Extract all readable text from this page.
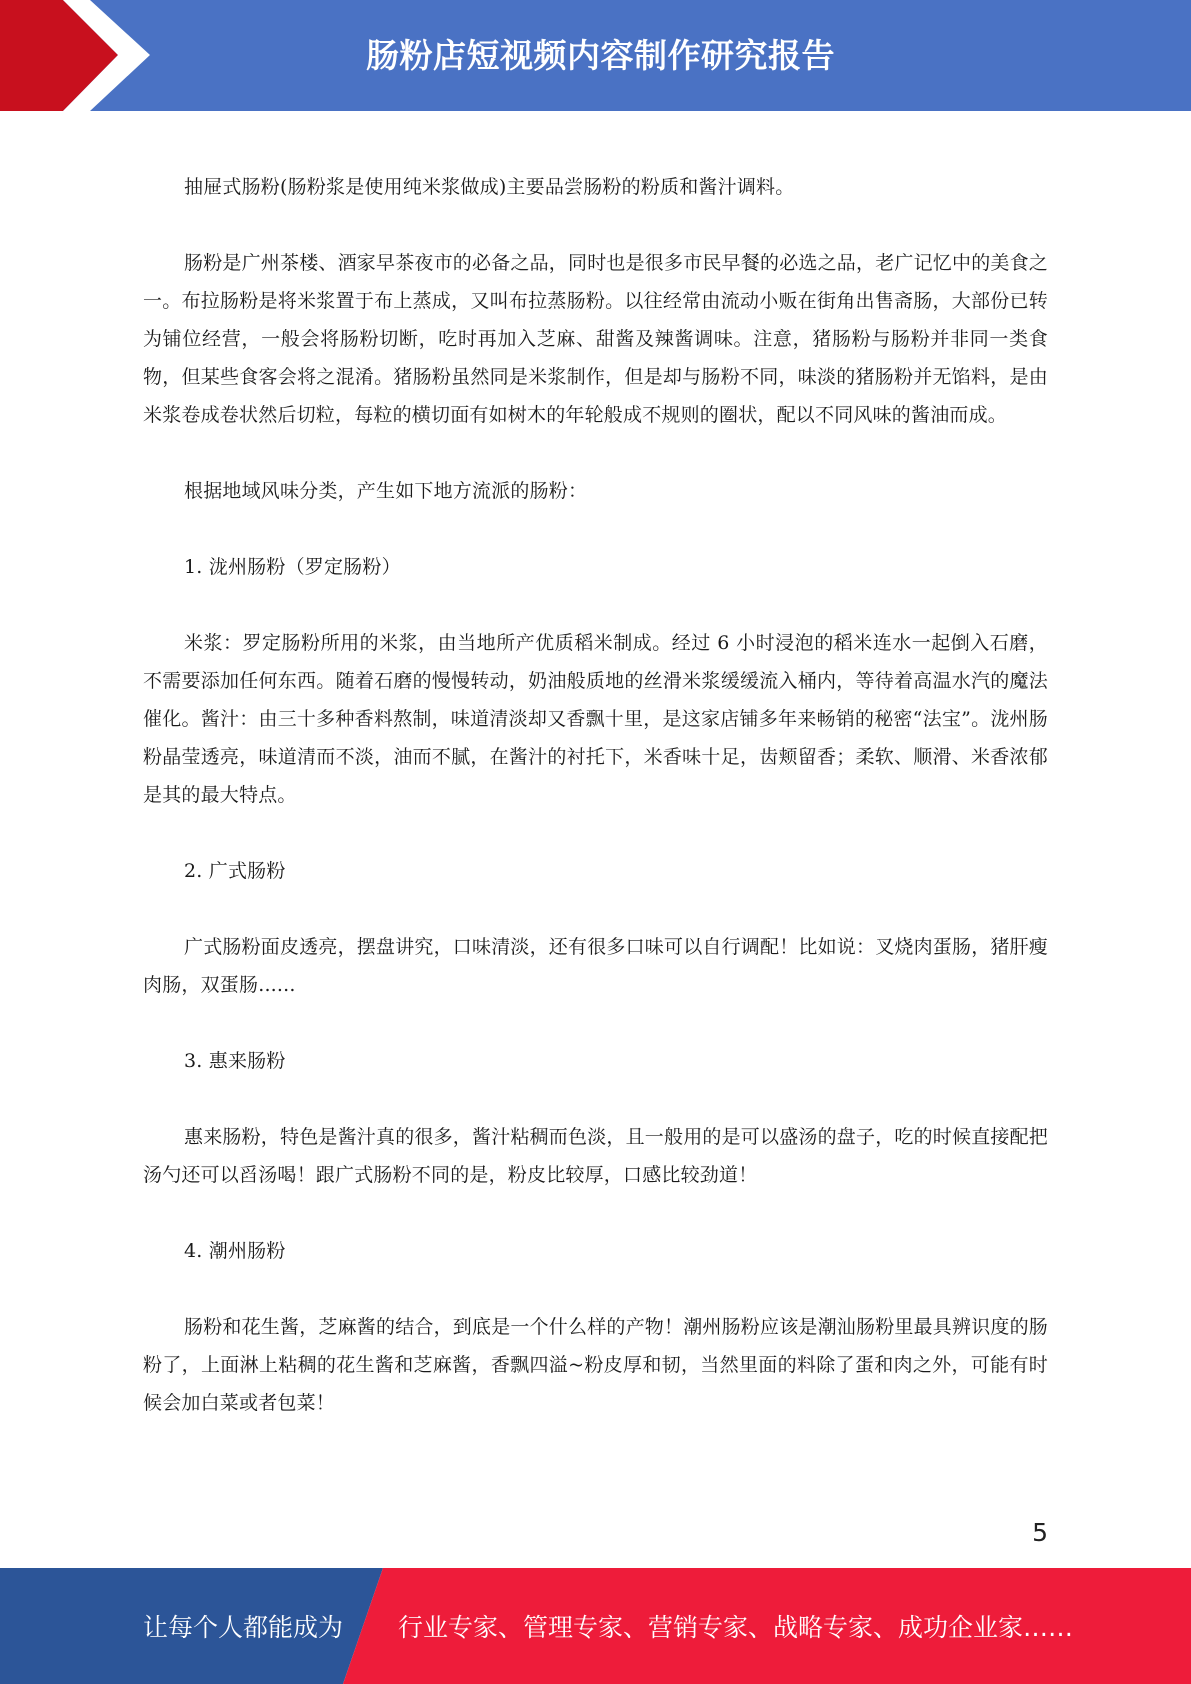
肠粉店短视频内容制作研究报告

抽屉式肠粉(肠粉浆是使用纯米浆做成)主要品尝肠粉的粉质和酱汁调料。

肠粉是广州茶楼、酒家早茶夜市的必备之品，同时也是很多市民早餐的必选之品，老广记忆中的美食之一。布拉肠粉是将米浆置于布上蒸成，又叫布拉蒸肠粉。以往经常由流动小贩在街角出售斋肠，大部份已转为铺位经营，一般会将肠粉切断，吃时再加入芝麻、甜酱及辣酱调味。注意，猪肠粉与肠粉并非同一类食物，但某些食客会将之混淆。猪肠粉虽然同是米浆制作，但是却与肠粉不同，味淡的猪肠粉并无馅料，是由米浆卷成卷状然后切粒，每粒的横切面有如树木的年轮般成不规则的圈状，配以不同风味的酱油而成。

根据地域风味分类，产生如下地方流派的肠粉：

1. 泷州肠粉（罗定肠粉）

米浆：罗定肠粉所用的米浆，由当地所产优质稻米制成。经过 6 小时浸泡的稻米连水一起倒入石磨，不需要添加任何东西。随着石磨的慢慢转动，奶油般质地的丝滑米浆缓缓流入桶内，等待着高温水汽的魔法催化。酱汁：由三十多种香料熬制，味道清淡却又香飘十里，是这家店铺多年来畅销的秘密“法宝”。泷州肠粉晶莹透亮，味道清而不淡，油而不腻，在酱汁的衬托下，米香味十足，齿颊留香；柔软、顺滑、米香浓郁是其的最大特点。

2. 广式肠粉

广式肠粉面皮透亮，摆盘讲究，口味清淡，还有很多口味可以自行调配！比如说：叉烧肉蛋肠，猪肝瘦肉肠，双蛋肠......

3. 惠来肠粉

惠来肠粉，特色是酱汁真的很多，酱汁粘稠而色淡，且一般用的是可以盛汤的盘子，吃的时候直接配把汤勺还可以舀汤喝！跟广式肠粉不同的是，粉皮比较厚，口感比较劲道！

4. 潮州肠粉

肠粉和花生酱，芝麻酱的结合，到底是一个什么样的产物！潮州肠粉应该是潮汕肠粉里最具辨识度的肠粉了，上面淋上粘稠的花生酱和芝麻酱，香飘四溢~粉皮厚和韧，当然里面的料除了蛋和肉之外，可能有时候会加白菜或者包菜！

5
让每个人都能成为 行业专家、管理专家、营销专家、战略专家、成功企业家……
